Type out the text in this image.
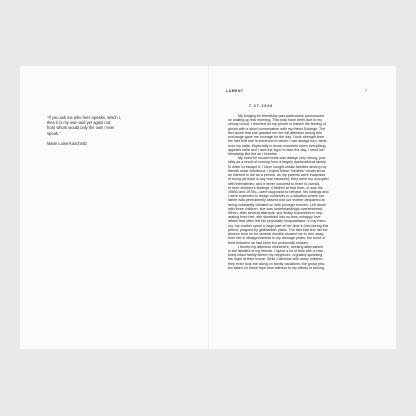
"If you ask me who here speaks, which I,
then it is my own and yet again not;
from whom would only the own I ever
speak."
Marie Luise Kaschnitz
LAMENT	7
7.27.2026
My longing for friendship was particularly pronounced
on waking up this morning. This may have been due to my
cloudy mood. I reached for my phone to banish the feeling of
gloom with a short conversation with my friend Solange. The
fact alone that she granted me her full attention during this
exchange gave me courage for the day. I took strength from
the fact that she is someone to whom I can always turn, what-
ever my state. Especially in those moments when everything
appears futile and I lack the vigor to face the day, I need her
friendship like the air I breathe.
My need for social bonds was always very strong, pos-
sibly as a result of coming from a largely dysfunctional family.
In order to escape it, I have sought ersatz families among my
friends since childhood. I hoped these "families" would show
an interest in me as a person, as my parents were incapable
of doing (at least in any real measure); they were too occupied
with themselves, and it never occurred to them to consid-
er their children's feelings. Children at that time—it was the
1960s and 1970s—were supposed to behave. My siblings and
I were expected to resign ourselves to a situation where our
father was permanently absent and our mother despaired at
being constantly cheated on with younger women. Left alone
with three children, she was understandingly overwhelmed.
When, after several attempts, she finally succeeded in sep-
arating from him, she stumbled into no-less-unhappy love
affairs that often left her physically incapacitated. In my mem-
ory, my mother spent a large part of her time in bed during this
period, plagued by gallbladder pains. The fact that she hid the
divorce from us for several months caused me to turn away
from her in disappointment in my teenage years; the bond of
trust between us had been too profoundly shaken.
I turned my attention elsewhere, seeking alternatives
in the families of my friends. I spent a lot of time with a rela-
tively intact family where my neighbors, regularly spending
the night at their house. Strict Catholics with many children,
they even took me along on family vacations; the group pho-
tos taken on these trips bear witness to my efforts to belong,
